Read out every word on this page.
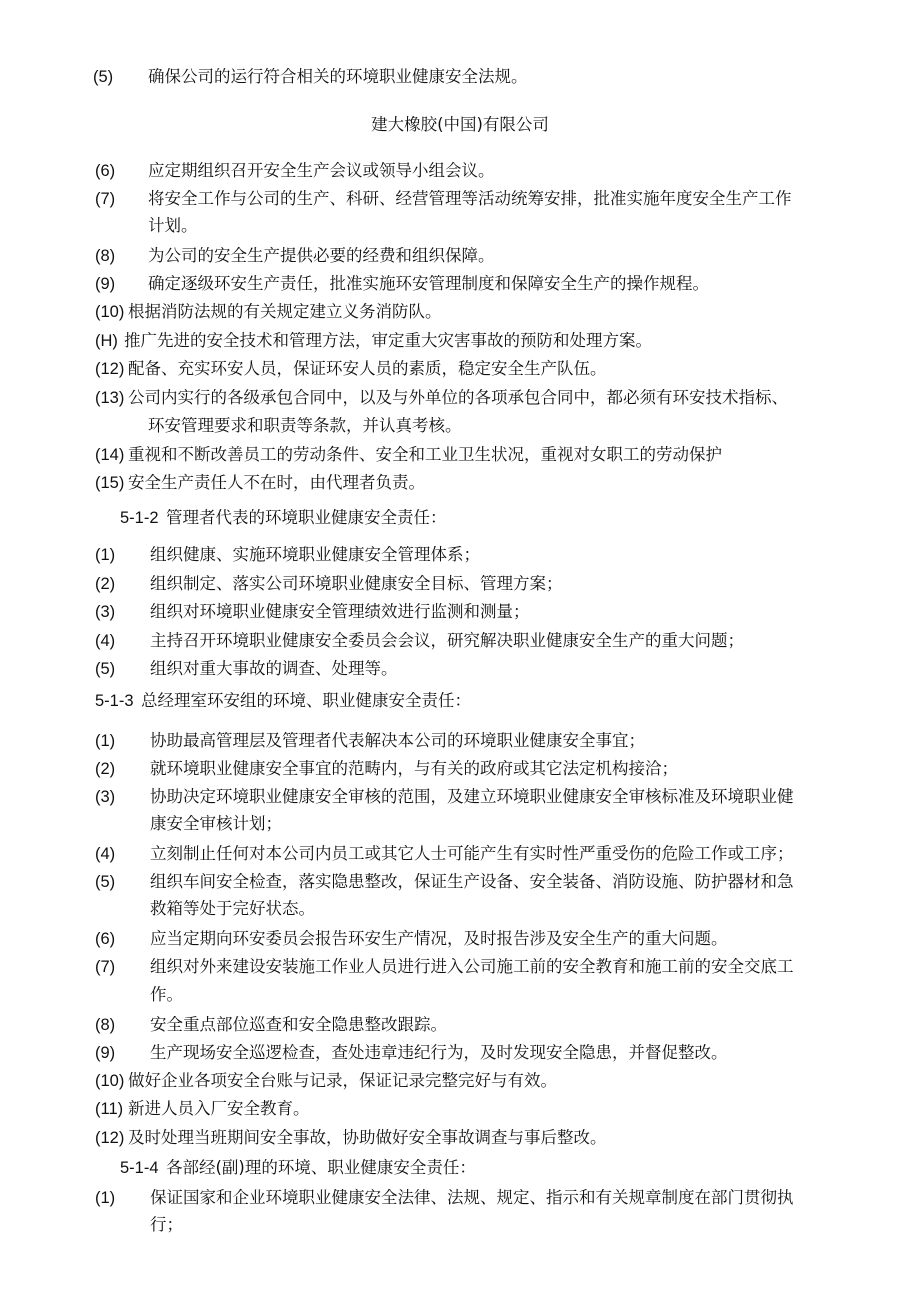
(5) 确保公司的运行符合相关的环境职业健康安全法规。
建大橡胶(中国)有限公司
(6) 应定期组织召开安全生产会议或领导小组会议。
(7) 将安全工作与公司的生产、科研、经营管理等活动统筹安排，批准实施年度安全生产工作
计划。
(8) 为公司的安全生产提供必要的经费和组织保障。
(9) 确定逐级环安生产责任，批准实施环安管理制度和保障安全生产的操作规程。
(10) 根据消防法规的有关规定建立义务消防队。
(H) 推广先进的安全技术和管理方法，审定重大灾害事故的预防和处理方案。
(12) 配备、充实环安人员，保证环安人员的素质，稳定安全生产队伍。
(13) 公司内实行的各级承包合同中，以及与外单位的各项承包合同中，都必须有环安技术指标、
环安管理要求和职责等条款，并认真考核。
(14) 重视和不断改善员工的劳动条件、安全和工业卫生状况，重视对女职工的劳动保护
(15) 安全生产责任人不在时，由代理者负责。
5-1-2 管理者代表的环境职业健康安全责任：
(1) 组织健康、实施环境职业健康安全管理体系；
(2) 组织制定、落实公司环境职业健康安全目标、管理方案；
(3) 组织对环境职业健康安全管理绩效进行监测和测量；
(4) 主持召开环境职业健康安全委员会会议，研究解决职业健康安全生产的重大问题；
(5) 组织对重大事故的调查、处理等。
5-1-3 总经理室环安组的环境、职业健康安全责任：
(1) 协助最高管理层及管理者代表解决本公司的环境职业健康安全事宜；
(2) 就环境职业健康安全事宜的范畴内，与有关的政府或其它法定机构接洽；
(3) 协助决定环境职业健康安全审核的范围，及建立环境职业健康安全审核标准及环境职业健
康安全审核计划；
(4) 立刻制止任何对本公司内员工或其它人士可能产生有实时性严重受伤的危险工作或工序；
(5) 组织车间安全检查，落实隐患整改，保证生产设备、安全装备、消防设施、防护器材和急
救箱等处于完好状态。
(6) 应当定期向环安委员会报告环安生产情况，及时报告涉及安全生产的重大问题。
(7) 组织对外来建设安装施工作业人员进行进入公司施工前的安全教育和施工前的安全交底工
作。
(8) 安全重点部位巡查和安全隐患整改跟踪。
(9) 生产现场安全巡逻检查，查处违章违纪行为，及时发现安全隐患，并督促整改。
(10) 做好企业各项安全台账与记录，保证记录完整完好与有效。
(11) 新进人员入厂安全教育。
(12) 及时处理当班期间安全事故，协助做好安全事故调查与事后整改。
5-1-4 各部经(副)理的环境、职业健康安全责任：
(1) 保证国家和企业环境职业健康安全法律、法规、规定、指示和有关规章制度在部门贯彻执
行；
